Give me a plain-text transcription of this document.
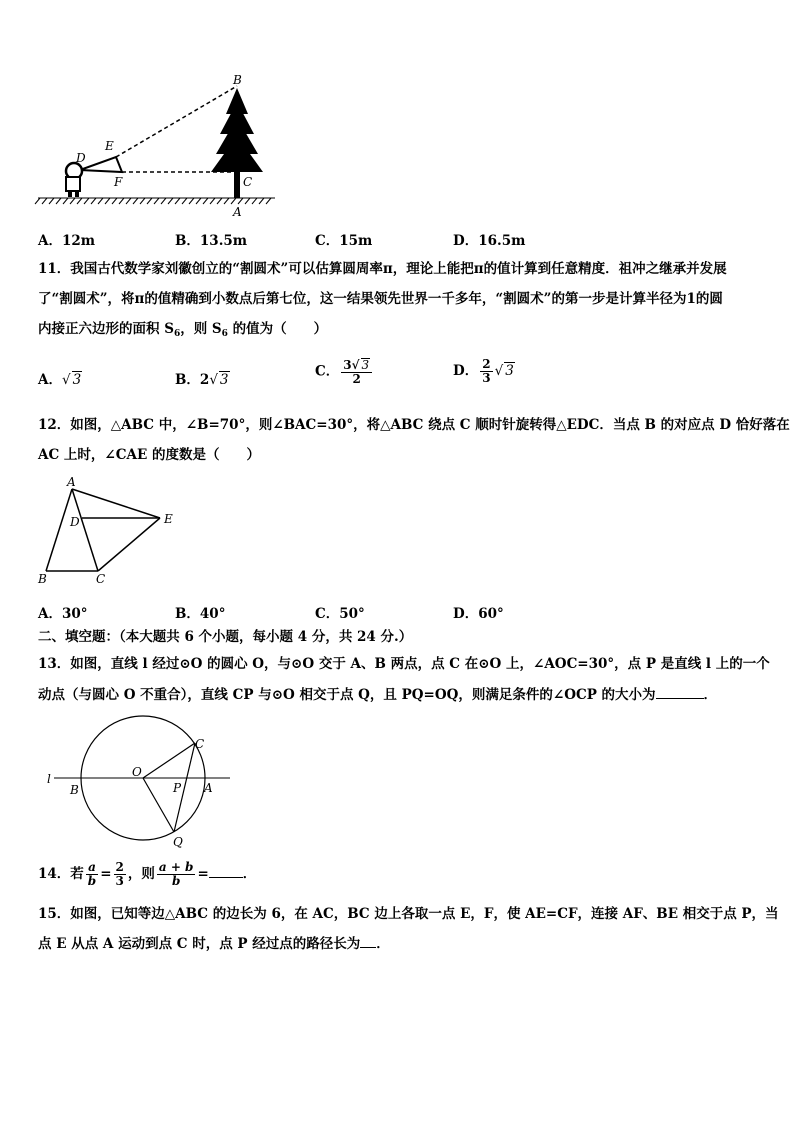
B
E
D
F	C
A
A．12m	B．13.5m	C．15m	D．16.5m
11．我国古代数学家刘徽创立的“割圆术”可以估算圆周率π，理论上能把π的值计算到任意精度．祖冲之继承并发展
了“割圆术”，将π的值精确到小数点后第七位，这一结果领先世界一千多年，“割圆术”的第一步是计算半径为1的圆
内接正六边形的面积 $S_6$，则 $S_6$ 的值为（　　）
A．√ 3	B．2√ 3
C． $\frac{3√ 3}{2}$	D． $\frac{2}{3}$ √ 3
12．如图，△ABC 中，∠B=70°，则∠BAC=30°，将△ABC 绕点 C 顺时针旋转得△EDC．当点 B 的对应点 D 恰好落在
AC 上时，∠CAE 的度数是（　　）
A
D	E
B	C
A．30°	B．40°	C．50°	D．60°
二、填空题：（本大题共 6 个小题，每小题 4 分，共 24 分.）
13．如图，直线 l 经过⊙O 的圆心 O，与⊙O 交于 A、B 两点，点 C 在⊙O 上，∠AOC=30°，点 P 是直线 l 上的一个
动点（与圆心 O 不重合），直线 CP 与⊙O 相交于点 Q，且 PQ=OQ，则满足条件的∠OCP 的大小为	．
l
B
O
P A
C
Q
14．若 $\frac{a}{b} = \frac{2}{3}$ ，则 $\frac{a + b}{b}$ =	．
15．如图，已知等边△ABC 的边长为 6，在 AC，BC 边上各取一点 E，F，使 AE=CF，连接 AF、BE 相交于点 P，当
点 E 从点 A 运动到点 C 时，点 P 经过点的路径长为 ．
